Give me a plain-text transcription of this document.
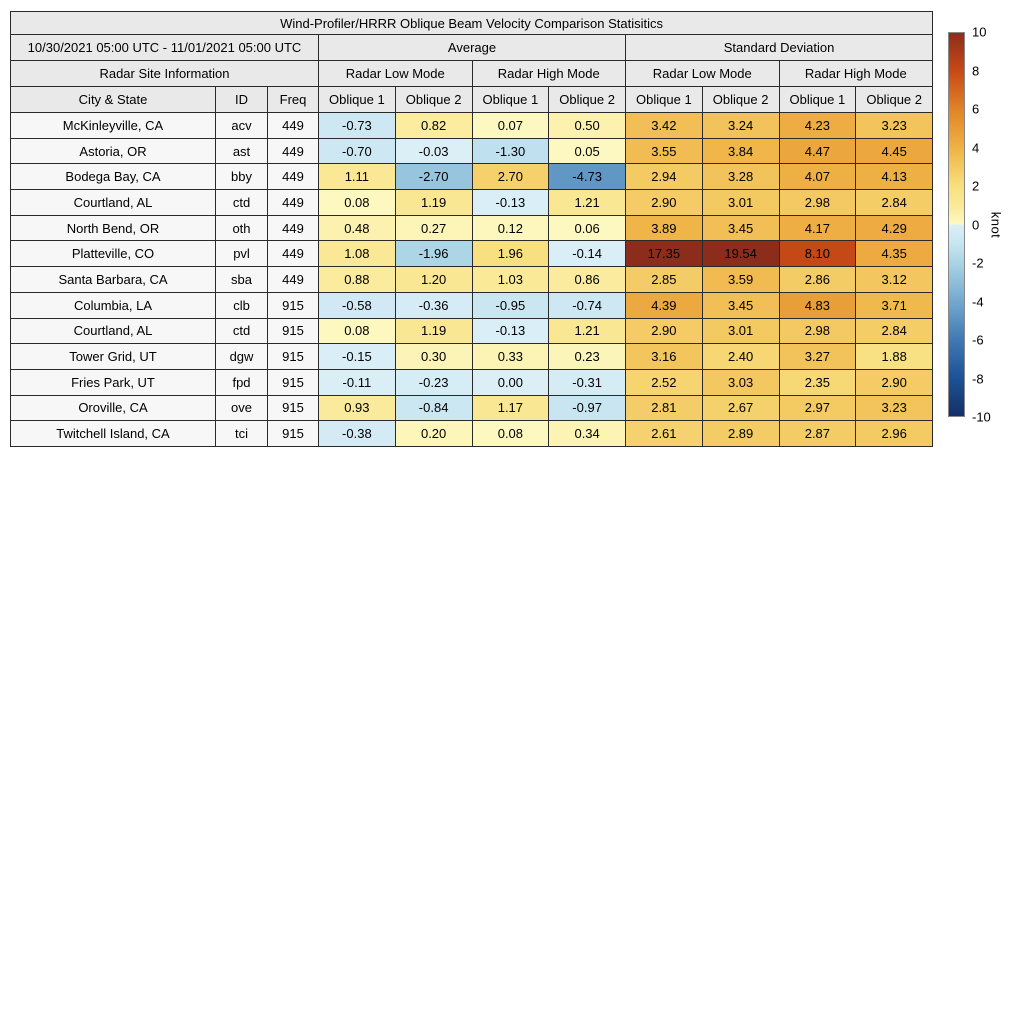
Wind-Profiler/HRRR Oblique Beam Velocity Comparison Statisitics										
10/30/2021 05:00 UTC - 11/01/2021 05:00 UTC			Average				Standard Deviation			
Radar Site Information			Radar Low Mode		Radar High Mode		Radar Low Mode		Radar High Mode	
City & State	ID	Freq	Oblique 1	Oblique 2	Oblique 1	Oblique 2	Oblique 1	Oblique 2	Oblique 1	Oblique 2
McKinleyville, CA	acv	449	-0.73	0.82	0.07	0.50	3.42	3.24	4.23	3.23
Astoria, OR	ast	449	-0.70	-0.03	-1.30	0.05	3.55	3.84	4.47	4.45
Bodega Bay, CA	bby	449	1.11	-2.70	2.70	-4.73	2.94	3.28	4.07	4.13
Courtland, AL	ctd	449	0.08	1.19	-0.13	1.21	2.90	3.01	2.98	2.84
North Bend, OR	oth	449	0.48	0.27	0.12	0.06	3.89	3.45	4.17	4.29
Platteville, CO	pvl	449	1.08	-1.96	1.96	-0.14	17.35	19.54	8.10	4.35
Santa Barbara, CA	sba	449	0.88	1.20	1.03	0.86	2.85	3.59	2.86	3.12
Columbia, LA	clb	915	-0.58	-0.36	-0.95	-0.74	4.39	3.45	4.83	3.71
Courtland, AL	ctd	915	0.08	1.19	-0.13	1.21	2.90	3.01	2.98	2.84
Tower Grid, UT	dgw	915	-0.15	0.30	0.33	0.23	3.16	2.40	3.27	1.88
Fries Park, UT	fpd	915	-0.11	-0.23	0.00	-0.31	2.52	3.03	2.35	2.90
Oroville, CA	ove	915	0.93	-0.84	1.17	-0.97	2.81	2.67	2.97	3.23
Twitchell Island, CA	tci	915	-0.38	0.20	0.08	0.34	2.61	2.89	2.87	2.96
10
8
6
4
2
0
-2
-4
-6
-8
-10
knot
